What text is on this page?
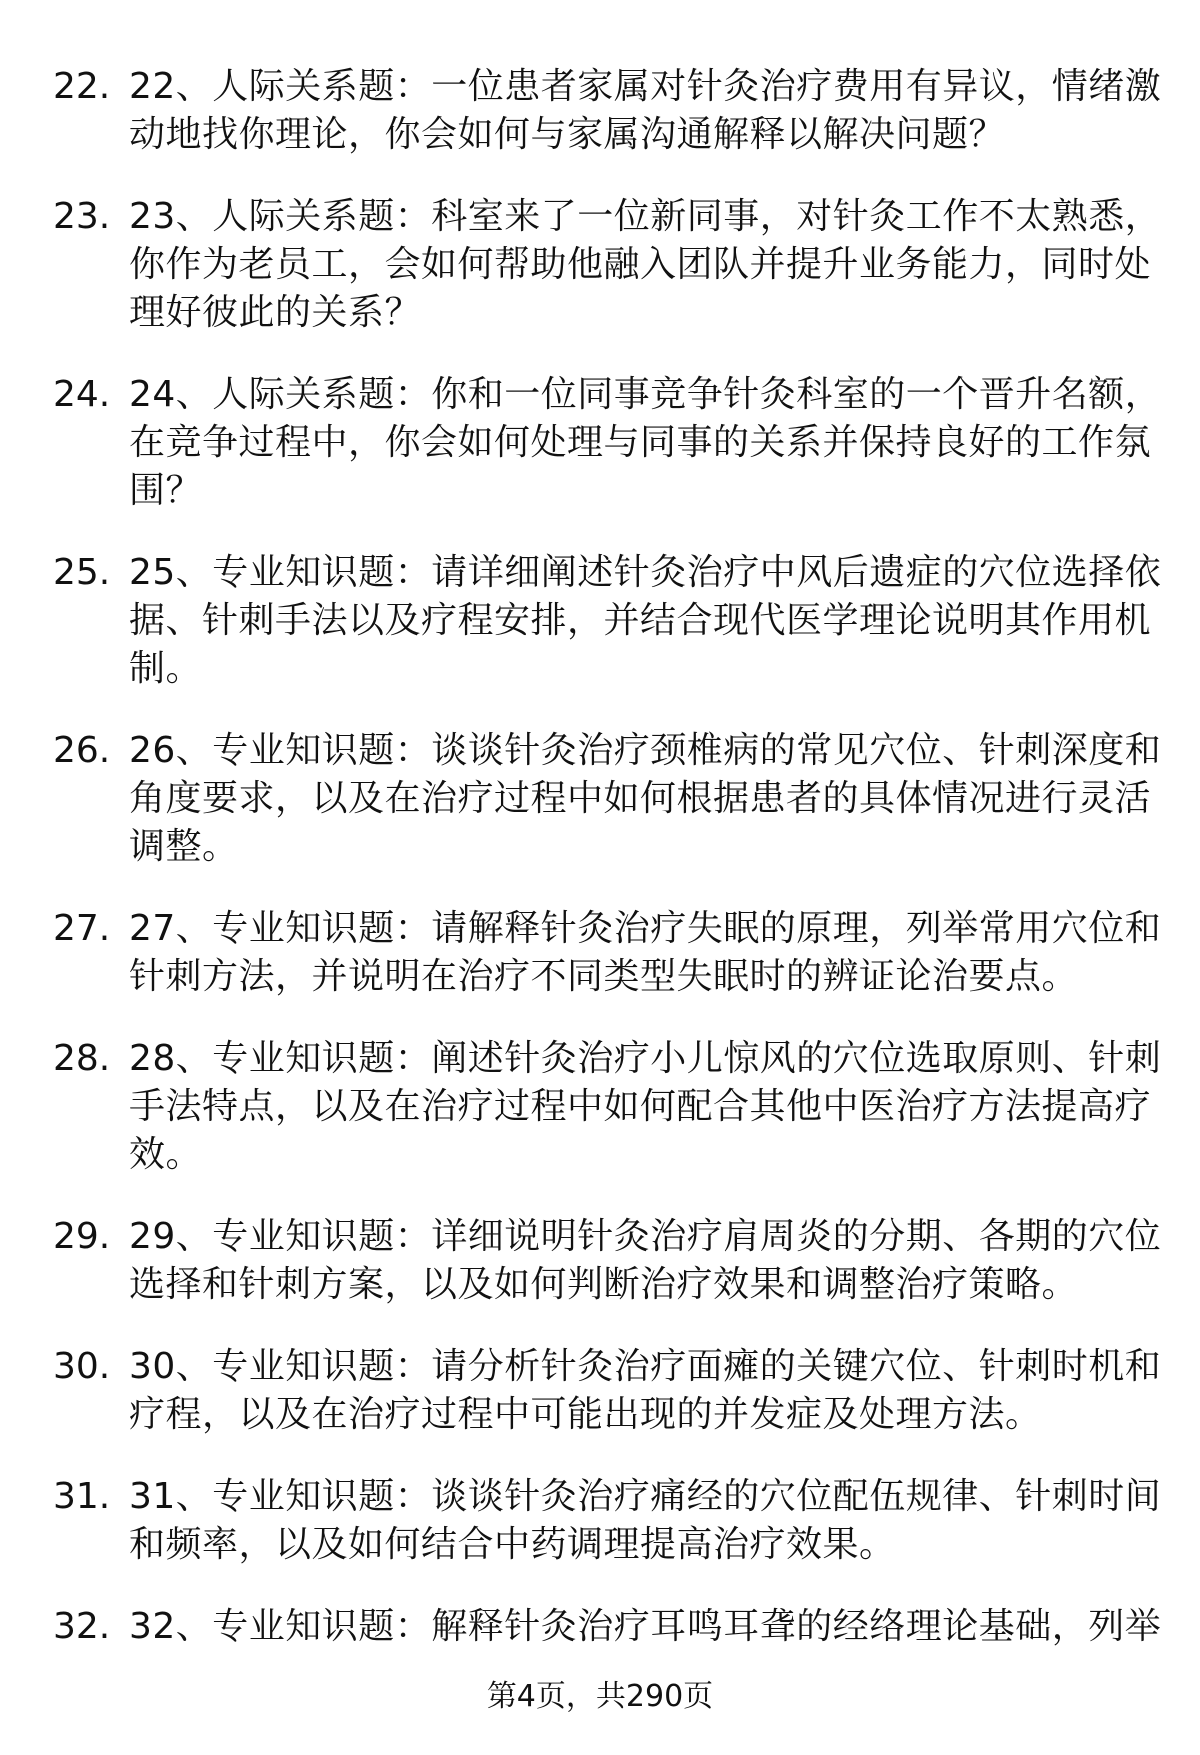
22. 22、人际关系题：一位患者家属对针灸治疗费用有异议，情绪激
动地找你理论，你会如何与家属沟通解释以解决问题？
23. 23、人际关系题：科室来了一位新同事，对针灸工作不太熟悉，
你作为老员工，会如何帮助他融入团队并提升业务能力，同时处
理好彼此的关系？
24. 24、人际关系题：你和一位同事竞争针灸科室的一个晋升名额，
在竞争过程中，你会如何处理与同事的关系并保持良好的工作氛
围？
25. 25、专业知识题：请详细阐述针灸治疗中风后遗症的穴位选择依
据、针刺手法以及疗程安排，并结合现代医学理论说明其作用机
制。
26. 26、专业知识题：谈谈针灸治疗颈椎病的常见穴位、针刺深度和
角度要求，以及在治疗过程中如何根据患者的具体情况进行灵活
调整。
27. 27、专业知识题：请解释针灸治疗失眠的原理，列举常用穴位和
针刺方法，并说明在治疗不同类型失眠时的辨证论治要点。
28. 28、专业知识题：阐述针灸治疗小儿惊风的穴位选取原则、针刺
手法特点，以及在治疗过程中如何配合其他中医治疗方法提高疗
效。
29. 29、专业知识题：详细说明针灸治疗肩周炎的分期、各期的穴位
选择和针刺方案，以及如何判断治疗效果和调整治疗策略。
30. 30、专业知识题：请分析针灸治疗面瘫的关键穴位、针刺时机和
疗程，以及在治疗过程中可能出现的并发症及处理方法。
31. 31、专业知识题：谈谈针灸治疗痛经的穴位配伍规律、针刺时间
和频率，以及如何结合中药调理提高治疗效果。
32. 32、专业知识题：解释针灸治疗耳鸣耳聋的经络理论基础，列举
第4页，共290页
